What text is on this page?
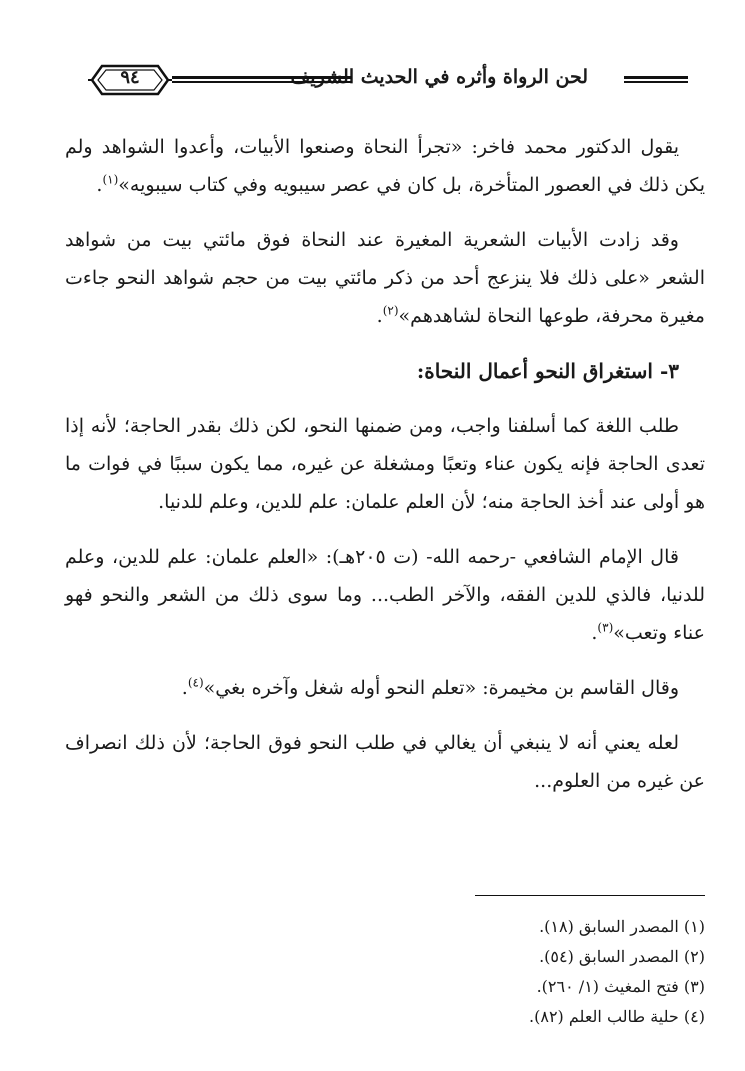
لحن الرواة وأثره في الحديث الشريف
٩٤

يقول الدكتور محمد فاخر: «تجرأ النحاة وصنعوا الأبيات، وأعدوا الشواهد ولم يكن ذلك في العصور المتأخرة، بل كان في عصر سيبويه وفي كتاب سيبويه»$^{(١)}$.

وقد زادت الأبيات الشعرية المغيرة عند النحاة فوق مائتي بيت من شواهد الشعر «على ذلك فلا ينزعج أحد من ذكر مائتي بيت من حجم شواهد النحو جاءت مغيرة محرفة، طوعها النحاة لشاهدهم»$^{(٢)}$.

٣- استغراق النحو أعمال النحاة:

طلب اللغة كما أسلفنا واجب، ومن ضمنها النحو، لكن ذلك بقدر الحاجة؛ لأنه إذا تعدى الحاجة فإنه يكون عناء وتعبًا ومشغلة عن غيره، مما يكون سببًا في فوات ما هو أولى عند أخذ الحاجة منه؛ لأن العلم علمان: علم للدين، وعلم للدنيا.

قال الإمام الشافعي -رحمه الله- (ت ٢٠٥هـ): «العلم علمان: علم للدين، وعلم للدنيا، فالذي للدين الفقه، والآخر الطب... وما سوى ذلك من الشعر والنحو فهو عناء وتعب»$^{(٣)}$.

وقال القاسم بن مخيمرة: «تعلم النحو أوله شغل وآخره بغي»$^{(٤)}$.

لعله يعني أنه لا ينبغي أن يغالي في طلب النحو فوق الحاجة؛ لأن ذلك انصراف عن غيره من العلوم...

(١) المصدر السابق (١٨).
(٢) المصدر السابق (٥٤).
(٣) فتح المغيث (١/ ٢٦٠).
(٤) حلية طالب العلم (٨٢).
